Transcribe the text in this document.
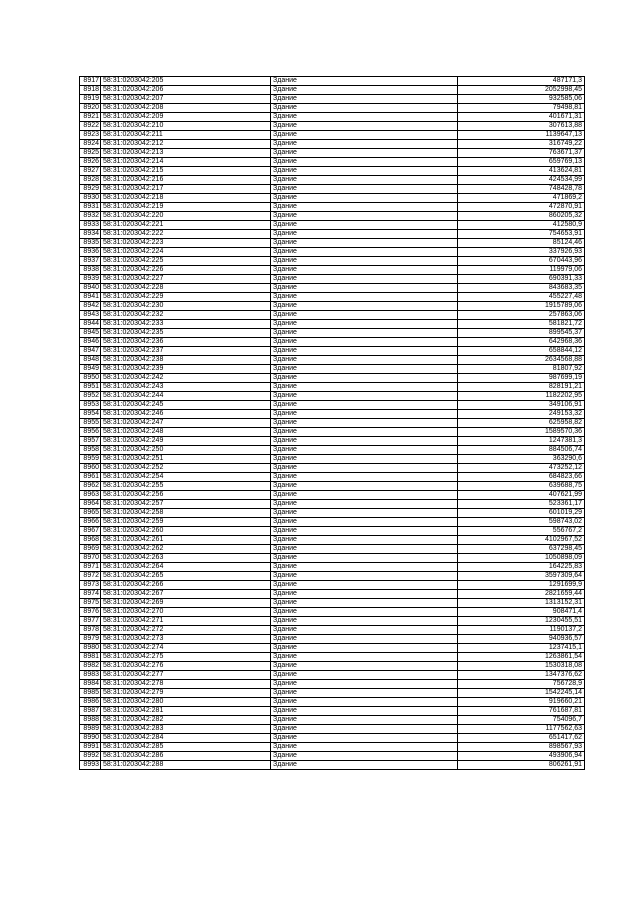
8917	58:31:0203042:205	Здание	487171,3
8918	58:31:0203042:206	Здание	2052998,45
8919	58:31:0203042:207	Здание	932585,06
8920	58:31:0203042:208	Здание	79498,81
8921	58:31:0203042:209	Здание	401671,31
8922	58:31:0203042:210	Здание	307613,88
8923	58:31:0203042:211	Здание	1139647,13
8924	58:31:0203042:212	Здание	316749,22
8925	58:31:0203042:213	Здание	763671,37
8926	58:31:0203042:214	Здание	659769,13
8927	58:31:0203042:215	Здание	413624,81
8928	58:31:0203042:216	Здание	424534,99
8929	58:31:0203042:217	Здание	748428,78
8930	58:31:0203042:218	Здание	471869,2
8931	58:31:0203042:219	Здание	472870,91
8932	58:31:0203042:220	Здание	860205,32
8933	58:31:0203042:221	Здание	412580,9
8934	58:31:0203042:222	Здание	754653,91
8935	58:31:0203042:223	Здание	85124,46
8936	58:31:0203042:224	Здание	337926,93
8937	58:31:0203042:225	Здание	670443,96
8938	58:31:0203042:226	Здание	119979,06
8939	58:31:0203042:227	Здание	690391,33
8940	58:31:0203042:228	Здание	843683,35
8941	58:31:0203042:229	Здание	455227,48
8942	58:31:0203042:230	Здание	1915789,06
8943	58:31:0203042:232	Здание	257863,06
8944	58:31:0203042:233	Здание	581821,72
8945	58:31:0203042:235	Здание	899545,37
8946	58:31:0203042:236	Здание	642968,36
8947	58:31:0203042:237	Здание	658844,12
8948	58:31:0203042:238	Здание	2634568,88
8949	58:31:0203042:239	Здание	81807,92
8950	58:31:0203042:242	Здание	987699,19
8951	58:31:0203042:243	Здание	828191,21
8952	58:31:0203042:244	Здание	1182202,95
8953	58:31:0203042:245	Здание	349106,91
8954	58:31:0203042:246	Здание	249153,32
8955	58:31:0203042:247	Здание	625958,82
8956	58:31:0203042:248	Здание	1589570,36
8957	58:31:0203042:249	Здание	1247381,3
8958	58:31:0203042:250	Здание	884506,74
8959	58:31:0203042:251	Здание	363290,6
8960	58:31:0203042:252	Здание	473252,12
8961	58:31:0203042:254	Здание	684823,66
8962	58:31:0203042:255	Здание	639688,75
8963	58:31:0203042:256	Здание	407621,99
8964	58:31:0203042:257	Здание	523361,17
8965	58:31:0203042:258	Здание	601019,29
8966	58:31:0203042:259	Здание	598743,02
8967	58:31:0203042:260	Здание	556767,2
8968	58:31:0203042:261	Здание	4102967,52
8969	58:31:0203042:262	Здание	637298,45
8970	58:31:0203042:263	Здание	1050898,09
8971	58:31:0203042:264	Здание	164225,83
8972	58:31:0203042:265	Здание	3597309,64
8973	58:31:0203042:266	Здание	1291699,9
8974	58:31:0203042:267	Здание	2821659,44
8975	58:31:0203042:269	Здание	1313152,31
8976	58:31:0203042:270	Здание	908471,4
8977	58:31:0203042:271	Здание	1230455,51
8978	58:31:0203042:272	Здание	1190137,2
8979	58:31:0203042:273	Здание	940936,57
8980	58:31:0203042:274	Здание	1237415,1
8981	58:31:0203042:275	Здание	1263861,54
8982	58:31:0203042:276	Здание	1530318,08
8983	58:31:0203042:277	Здание	1347376,62
8984	58:31:0203042:278	Здание	756728,9
8985	58:31:0203042:279	Здание	1542245,14
8986	58:31:0203042:280	Здание	919660,21
8987	58:31:0203042:281	Здание	761687,81
8988	58:31:0203042:282	Здание	754096,7
8989	58:31:0203042:283	Здание	1177562,63
8990	58:31:0203042:284	Здание	651417,62
8991	58:31:0203042:285	Здание	898567,93
8992	58:31:0203042:286	Здание	493906,94
8993	58:31:0203042:288	Здание	806261,91
